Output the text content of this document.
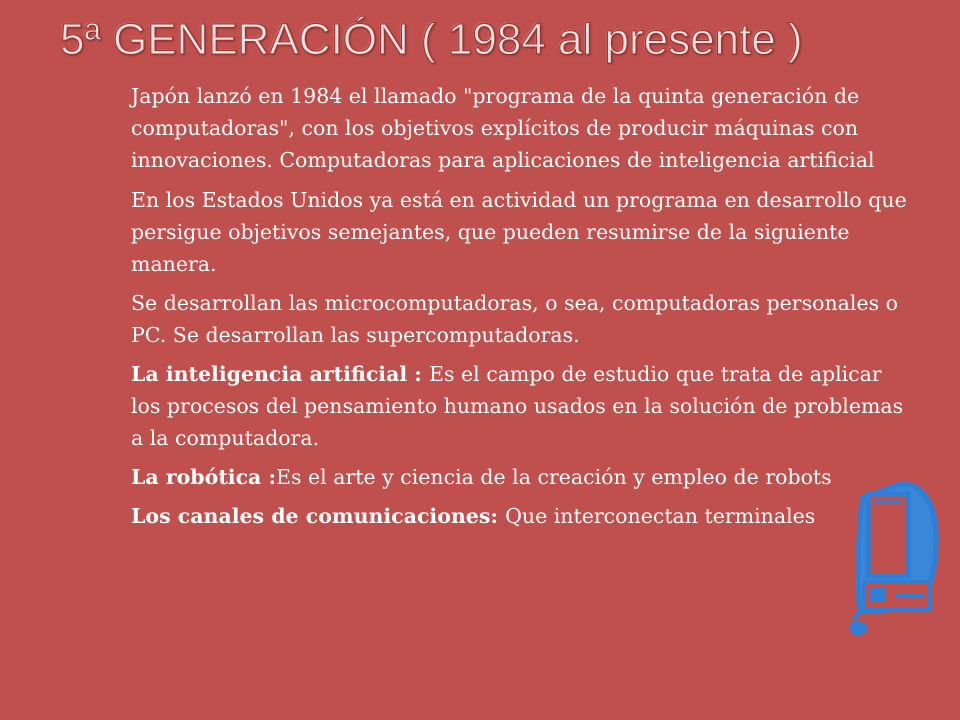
5ª GENERACIÓN ( 1984 al presente )

Japón lanzó en 1984 el llamado "programa de la quinta generación de computadoras", con los objetivos explícitos de producir máquinas con innovaciones. Computadoras para aplicaciones de inteligencia artificial

En los Estados Unidos ya está en actividad un programa en desarrollo que persigue objetivos semejantes, que pueden resumirse de la siguiente manera.

Se desarrollan las microcomputadoras, o sea, computadoras personales o PC. Se desarrollan las supercomputadoras.

La inteligencia artificial : Es el campo de estudio que trata de aplicar los procesos del pensamiento humano usados en la solución de problemas a la computadora.

La robótica :Es el arte y ciencia de la creación y empleo de robots

Los canales de comunicaciones: Que interconectan terminales
